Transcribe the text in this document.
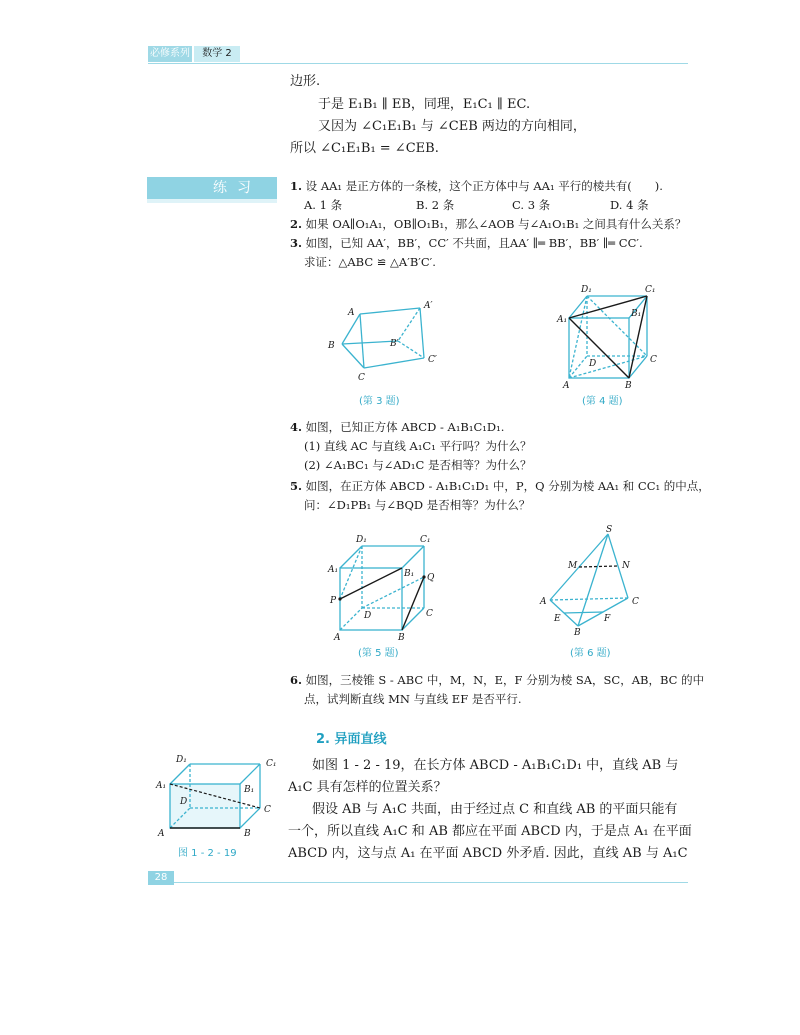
必修系列	数学 2
边形.
于是 E₁B₁ ∥ EB，同理，E₁C₁ ∥ EC.
又因为 ∠C₁E₁B₁ 与 ∠CEB 两边的方向相同，
所以 ∠C₁E₁B₁ = ∠CEB.
练习	1. 设 AA₁ 是正方体的一条棱，这个正方体中与 AA₁ 平行的棱共有(　　).
A. 1 条	B. 2 条	C. 3 条	D. 4 条
2. 如果 OA∥O₁A₁，OB∥O₁B₁，那么∠AOB 与∠A₁O₁B₁ 之间具有什么关系？
3. 如图，已知 AA′，BB′，CC′ 不共面，且AA′ ∥═ BB′，BB′ ∥═ CC′.
求证：△ABC ≌ △A′B′C′.
A
A′
B	B′
C
C′
(第 3 题)
D₁	C₁
A₁
B₁
D	C
A	B
(第 4 题)
4. 如图，已知正方体 ABCD - A₁B₁C₁D₁.
(1) 直线 AC 与直线 A₁C₁ 平行吗？为什么？
(2) ∠A₁BC₁ 与∠AD₁C 是否相等？为什么？
5. 如图，在正方体 ABCD - A₁B₁C₁D₁ 中，P，Q 分别为棱 AA₁ 和 CC₁ 的中点，
问：∠D₁PB₁ 与∠BQD 是否相等？为什么？
D₁	C₁
A₁	B₁ Q
P
D	C
A	B
(第 5 题)
S
M	N
A	C
E	F
B
(第 6 题)
6. 如图，三棱锥 S - ABC 中，M，N，E，F 分别为棱 SA，SC，AB，BC 的中
点，试判断直线 MN 与直线 EF 是否平行.
2. 异面直线
D₁	C₁
A₁	B₁
D
C
A	B
图 1 - 2 - 19
如图 1 - 2 - 19，在长方体 ABCD - A₁B₁C₁D₁ 中，直线 AB 与
A₁C 具有怎样的位置关系？
假设 AB 与 A₁C 共面，由于经过点 C 和直线 AB 的平面只能有
一个，所以直线 A₁C 和 AB 都应在平面 ABCD 内，于是点 A₁ 在平面
ABCD 内，这与点 A₁ 在平面 ABCD 外矛盾. 因此，直线 AB 与 A₁C
28
